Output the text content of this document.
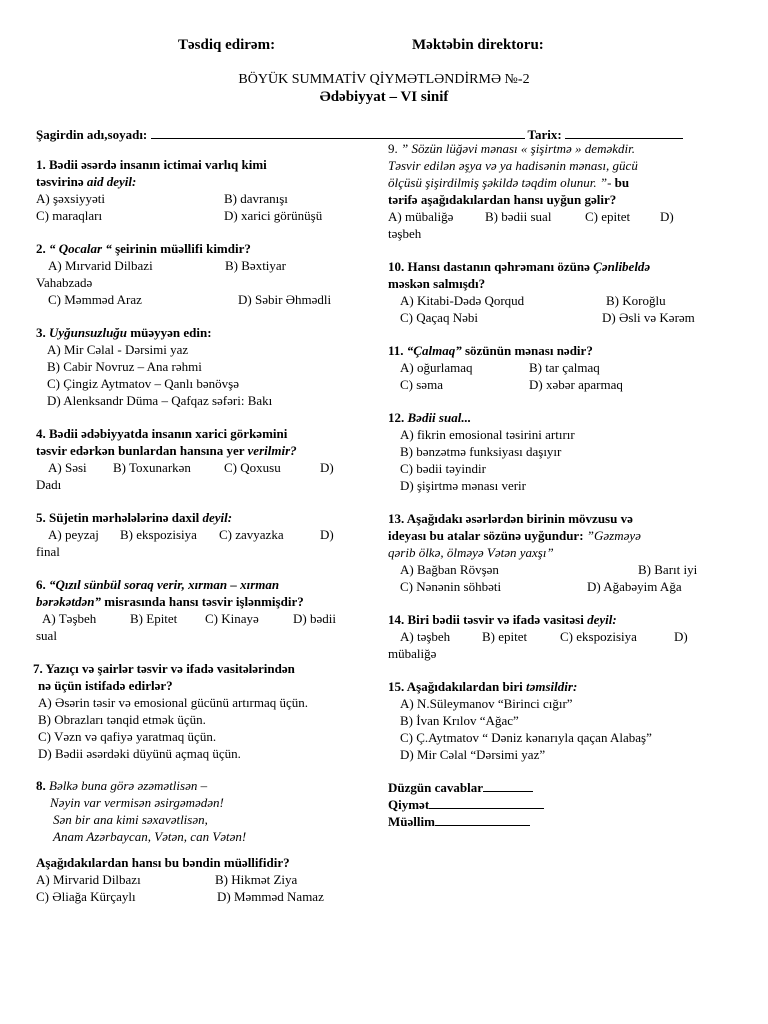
Təsdiq edirəm:	Məktəbin direktoru:
BÖYÜK SUMMATİV QİYMƏTLƏNDİRMƏ №-2
Ədəbiyyat – VI sinif
Şagirdin adı,soyadı:	Tarix:
1. Bədii əsərdə insanın ictimai varlıq kimi
təsvirinə aid deyil:
A) şəxsiyyəti	B) davranışı
C) maraqları	D) xarici görünüşü
2. “ Qocalar “ şeirinin müəllifi kimdir?
A) Mırvarid Dilbazi	B) Bəxtiyar
Vahabzadə
C) Məmməd Araz	D) Səbir Əhmədli
3. Uyğunsuzluğu müəyyən edin:
A) Mir Cəlal - Dərsimi yaz
B) Cabir Novruz – Ana rəhmi
C) Çingiz Aytmatov – Qanlı bənövşə
D) Alenksandr Düma – Qafqaz səfəri: Bakı
4. Bədii ədəbiyyatda insanın xarici görkəmini
təsvir edərkən bunlardan hansına yer verilmir?
A) Səsi B) Toxunarkən	C) Qoxusu	D)
Dadı
5. Süjetin mərhələlərinə daxil deyil:
A) peyzaj B) ekspozisiya C) zavyazka	D)
final
6. “Qızıl sünbül soraq verir, xırman – xırman
bərəkətdən” misrasında hansı təsvir işlənmişdir?
A) Təşbeh	B) Epitet C) Kinayə	D) bədii
sual
7. Yazıçı və şairlər təsvir və ifadə vasitələrindən
nə üçün istifadə edirlər?
A) Əsərin təsir və emosional gücünü artırmaq üçün.
B) Obrazları tənqid etmək üçün.
C) Vəzn və qafiyə yaratmaq üçün.
D) Bədii əsərdəki düyünü açmaq üçün.
8. Bəlkə buna görə əzəmətlisən –
Nəyin var vermisən əsirgəmədən!
Sən bir ana kimi səxavətlisən,
Anam Azərbaycan, Vətən, can Vətən!
Aşağıdakılardan hansı bu bəndin müəllifidir?
A) Mirvarid Dilbazı	B) Hikmət Ziya
C) Əliağa Kürçaylı	D) Məmməd Namaz
9. ” Sözün lüğəvi mənası « şişirtmə » deməkdir.
Təsvir edilən əşya və ya hadisənin mənası, gücü
ölçüsü şişirdilmiş şəkildə təqdim olunur. ”- bu
tərifə aşağıdakılardan hansı uyğun gəlir?
A) mübaliğə B) bədii sual	C) epitet D)
təşbeh
10. Hansı dastanın qəhrəmanı özünə Çənlibeldə
məskən salmışdı?
A) Kitabi-Dədə Qorqud	B) Koroğlu
C) Qaçaq Nəbi	D) Əsli və Kərəm
11. “Çalmaq” sözünün mənası nədir?
A) oğurlamaq	B) tar çalmaq
C) səma	D) xəbər aparmaq
12. Bədii sual...
A) fikrin emosional təsirini artırır
B) bənzətmə funksiyası daşıyır
C) bədii təyindir
D) şişirtmə mənası verir
13. Aşağıdakı əsərlərdən birinin mövzusu və
ideyası bu atalar sözünə uyğundur: ”Gəzməyə
qərib ölkə, ölməyə Vətən yaxşı”
A) Bağban Rövşən	B) Barıt iyi
C) Nənənin söhbəti	D) Ağabəyim Ağa
14. Biri bədii təsvir və ifadə vasitəsi deyil:
A) təşbeh B) epitet	C) ekspozisiya	D)
mübaliğə
15. Aşağıdakılardan biri təmsildir:
A) N.Süleymanov “Birinci cığır”
B) İvan Krılov “Ağac”
C) Ç.Aytmatov “ Dəniz kənarıyla qaçan Alabaş”
D) Mir Cəlal “Dərsimi yaz”
Düzgün cavablar
Qiymət
Müəllim
